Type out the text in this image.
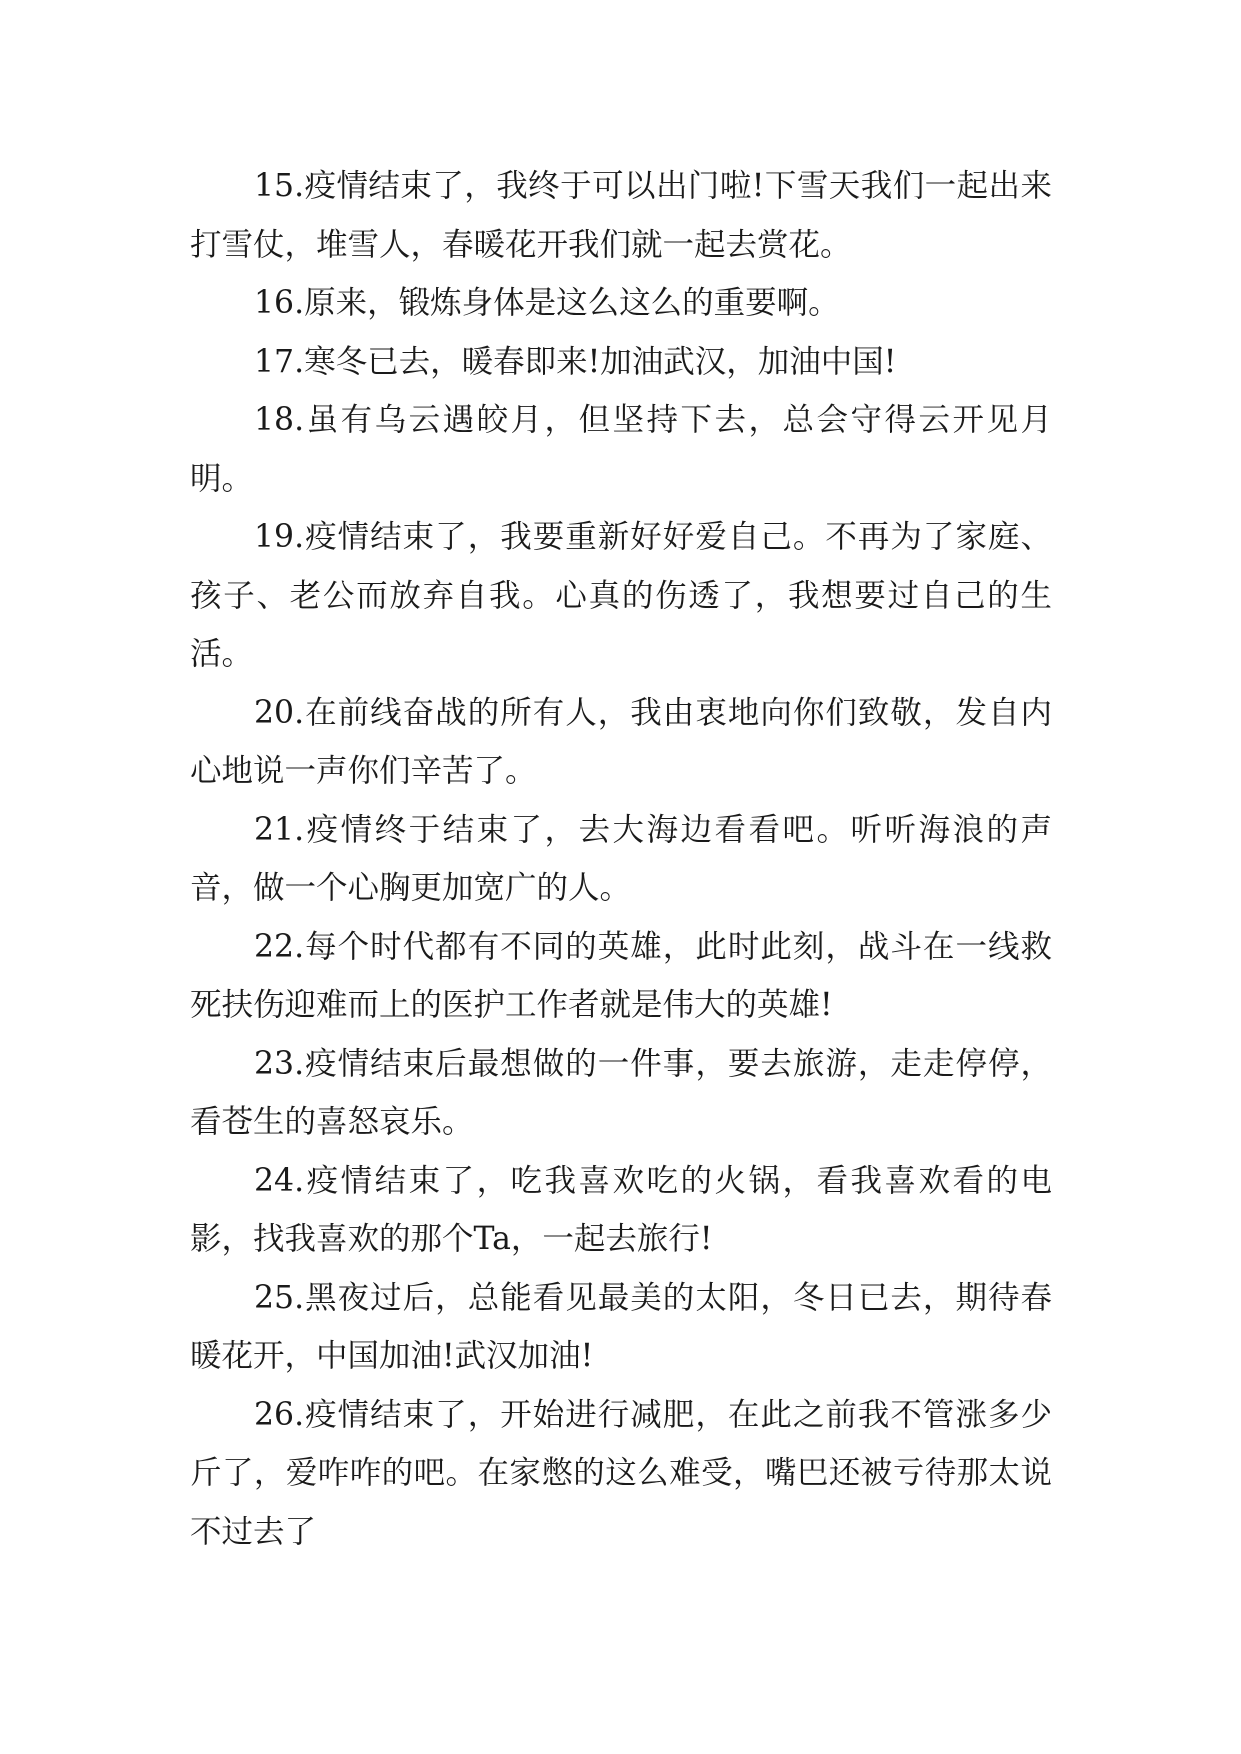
15.疫情结束了，我终于可以出门啦!下雪天我们一起出来打雪仗，堆雪人，春暖花开我们就一起去赏花。

16.原来，锻炼身体是这么这么的重要啊。

17.寒冬已去，暖春即来!加油武汉，加油中国!

18.虽有乌云遇皎月，但坚持下去，总会守得云开见月明。

19.疫情结束了，我要重新好好爱自己。不再为了家庭、孩子、老公而放弃自我。心真的伤透了，我想要过自己的生活。

20.在前线奋战的所有人，我由衷地向你们致敬，发自内心地说一声你们辛苦了。

21.疫情终于结束了，去大海边看看吧。听听海浪的声音，做一个心胸更加宽广的人。

22.每个时代都有不同的英雄，此时此刻，战斗在一线救死扶伤迎难而上的医护工作者就是伟大的英雄!

23.疫情结束后最想做的一件事，要去旅游，走走停停，看苍生的喜怒哀乐。

24.疫情结束了，吃我喜欢吃的火锅，看我喜欢看的电影，找我喜欢的那个Ta，一起去旅行!

25.黑夜过后，总能看见最美的太阳，冬日已去，期待春暖花开，中国加油!武汉加油!

26.疫情结束了，开始进行减肥，在此之前我不管涨多少斤了，爱咋咋的吧。在家憋的这么难受，嘴巴还被亏待那太说不过去了
